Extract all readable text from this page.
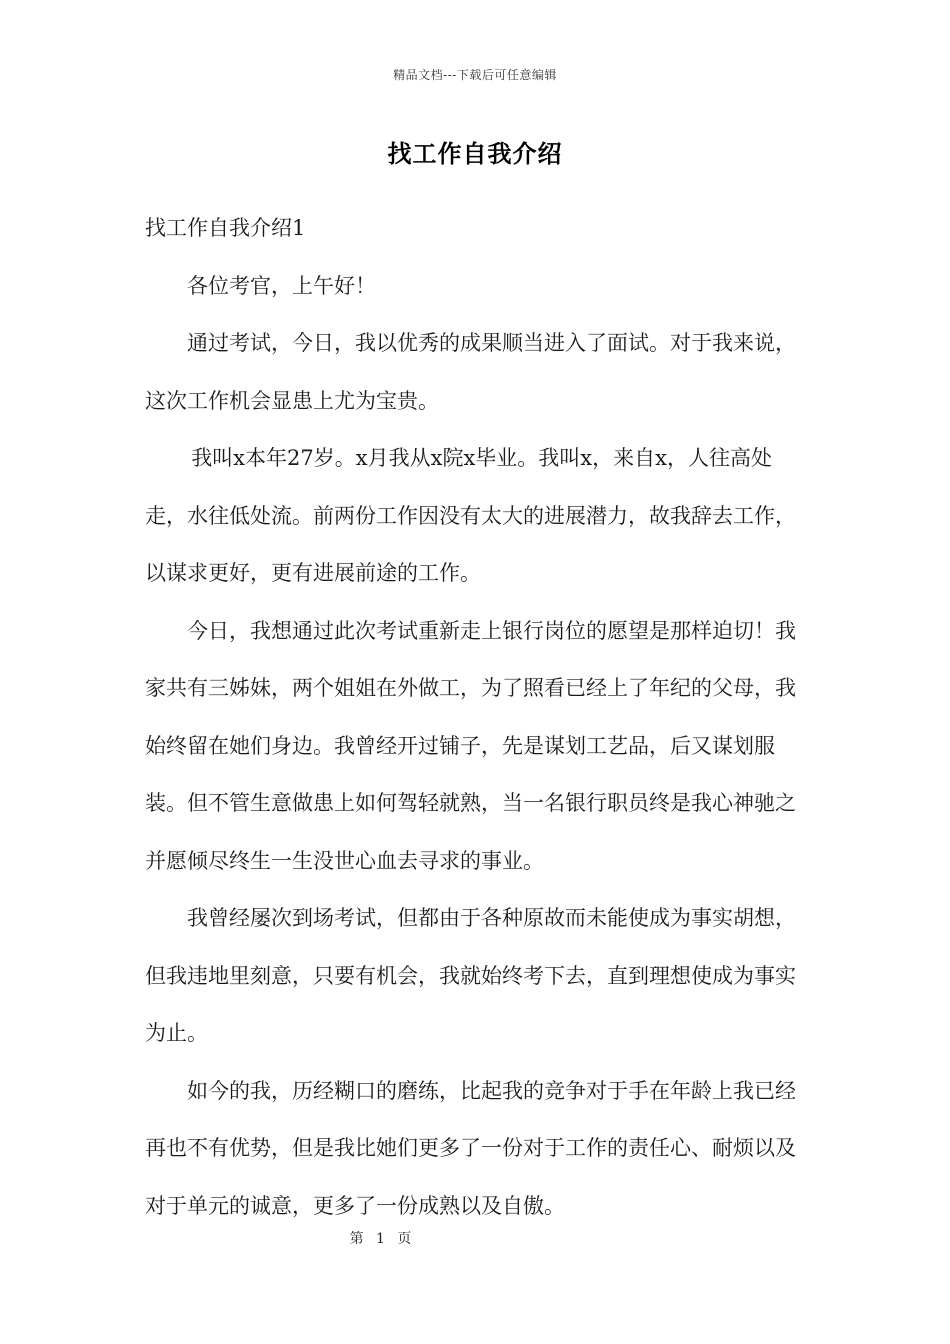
精品文档---下载后可任意编辑
找工作自我介绍

找工作自我介绍1

各位考官，上午好！

通过考试，今日，我以优秀的成果顺当进入了面试。对于我来说，这次工作机会显患上尤为宝贵。

我叫x本年27岁。x月我从x院x毕业。我叫x，来自x，人往高处走，水往低处流。前两份工作因没有太大的进展潜力，故我辞去工作，以谋求更好，更有进展前途的工作。

今日，我想通过此次考试重新走上银行岗位的愿望是那样迫切！我家共有三姊妹，两个姐姐在外做工，为了照看已经上了年纪的父母，我始终留在她们身边。我曾经开过铺子，先是谋划工艺品，后又谋划服装。但不管生意做患上如何驾轻就熟，当一名银行职员终是我心神驰之并愿倾尽终生一生没世心血去寻求的事业。

我曾经屡次到场考试，但都由于各种原故而未能使成为事实胡想，但我违地里刻意，只要有机会，我就始终考下去，直到理想使成为事实为止。

如今的我，历经糊口的磨练，比起我的竞争对于手在年龄上我已经再也不有优势，但是我比她们更多了一份对于工作的责任心、耐烦以及对于单元的诚意，更多了一份成熟以及自傲。

第 1 页
